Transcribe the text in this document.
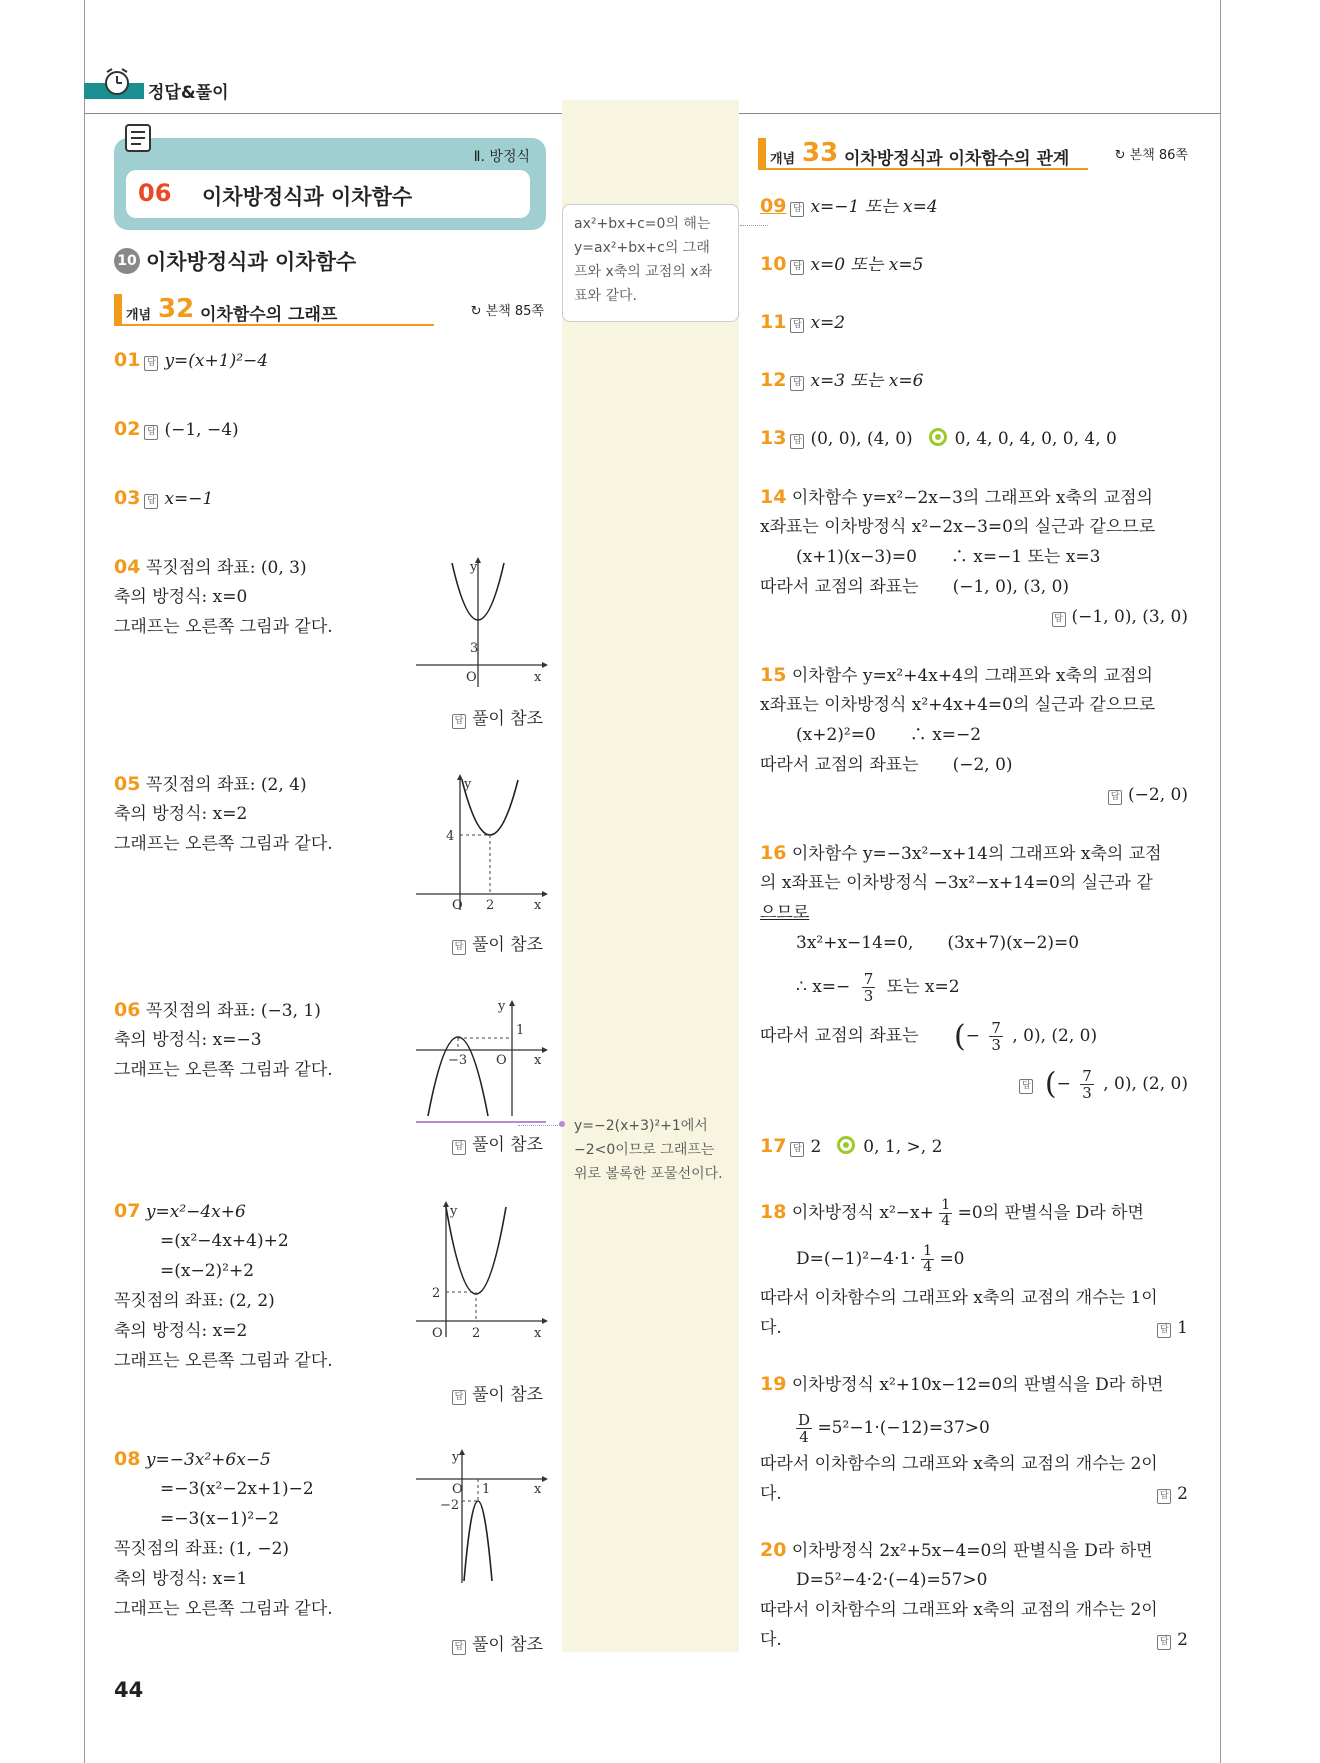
정답&풀이
Ⅱ. 방정식
06 이차방정식과 이차함수
10 이차방정식과 이차함수
개념 32 이차함수의 그래프	↻ 본책 85쪽
개념 33 이차방정식과 이차함수의 관계	↻ 본책 86쪽
ax²+bx+c=0의 해는
y=ax²+bx+c의 그래
프와 x축의 교점의 x좌
표와 같다.
y=−2(x+3)²+1에서
−2<0이므로 그래프는
위로 볼록한 포물선이다.
01 답 y=(x+1)²−4
02 답 (−1, −4)
03 답 x=−1
04 꼭짓점의 좌표: (0, 3)
축의 방정식: x=0
그래프는 오른쪽 그림과 같다.
y
3
O	x
답 풀이 참조
05 꼭짓점의 좌표: (2, 4)
축의 방정식: x=2
그래프는 오른쪽 그림과 같다.
y
4
O 2	x
답 풀이 참조
06 꼭짓점의 좌표: (−3, 1)
축의 방정식: x=−3
그래프는 오른쪽 그림과 같다.
y
1
−3 O x
답 풀이 참조
07 y=x²−4x+6
=(x²−4x+4)+2
=(x−2)²+2
꼭짓점의 좌표: (2, 2)
축의 방정식: x=2
그래프는 오른쪽 그림과 같다.
y
2
O 2	x
답 풀이 참조
08 y=−3x²+6x−5
=−3(x²−2x+1)−2
=−3(x−1)²−2
꼭짓점의 좌표: (1, −2)
축의 방정식: x=1
그래프는 오른쪽 그림과 같다.
y
O 1
−2
x
답 풀이 참조
09 답 x=−1 또는 x=4
10 답 x=0 또는 x=5
11 답 x=2
12 답 x=3 또는 x=6
13 답 (0, 0), (4, 0) 0, 4, 0, 4, 0, 0, 4, 0
14 이차함수 y=x²−2x−3의 그래프와 x축의 교점의
x좌표는 이차방정식 x²−2x−3=0의 실근과 같으므로
(x+1)(x−3)=0　　∴ x=−1 또는 x=3
따라서 교점의 좌표는　　(−1, 0), (3, 0)
답 (−1, 0), (3, 0)
15 이차함수 y=x²+4x+4의 그래프와 x축의 교점의
x좌표는 이차방정식 x²+4x+4=0의 실근과 같으므로
(x+2)²=0　　∴ x=−2
따라서 교점의 좌표는　　(−2, 0)
답 (−2, 0)
16 이차함수 y=−3x²−x+14의 그래프와 x축의 교점
의 x좌표는 이차방정식 −3x²−x+14=0의 실근과 같
으므로
3x²+x−14=0,　　(3x+7)(x−2)=0
∴ $x=- \frac{7}{3}$ 또는 x=2
따라서 교점의 좌표는 (− $\frac{7}{3}$ , 0), (2, 0)
답 (− $\frac{7}{3}$ , 0), (2, 0)
17 답 2 0, 1, >, 2
18 이차방정식 $x^2-x+ \frac{1}{4} =0$의 판별식을 D라 하면
$D=(-1)^2-4\cdot 1\cdot \frac{1}{4} =0$
따라서 이차함수의 그래프와 x축의 교점의 개수는 1이
다.	답 1
19 이차방정식 x²+10x−12=0의 판별식을 D라 하면
$\frac{D}{4} =5^2-1\cdot(-12)=37>0$
따라서 이차함수의 그래프와 x축의 교점의 개수는 2이
다.	답 2
20 이차방정식 2x²+5x−4=0의 판별식을 D라 하면
D=5²−4·2·(−4)=57>0
따라서 이차함수의 그래프와 x축의 교점의 개수는 2이
다.	답 2
44
